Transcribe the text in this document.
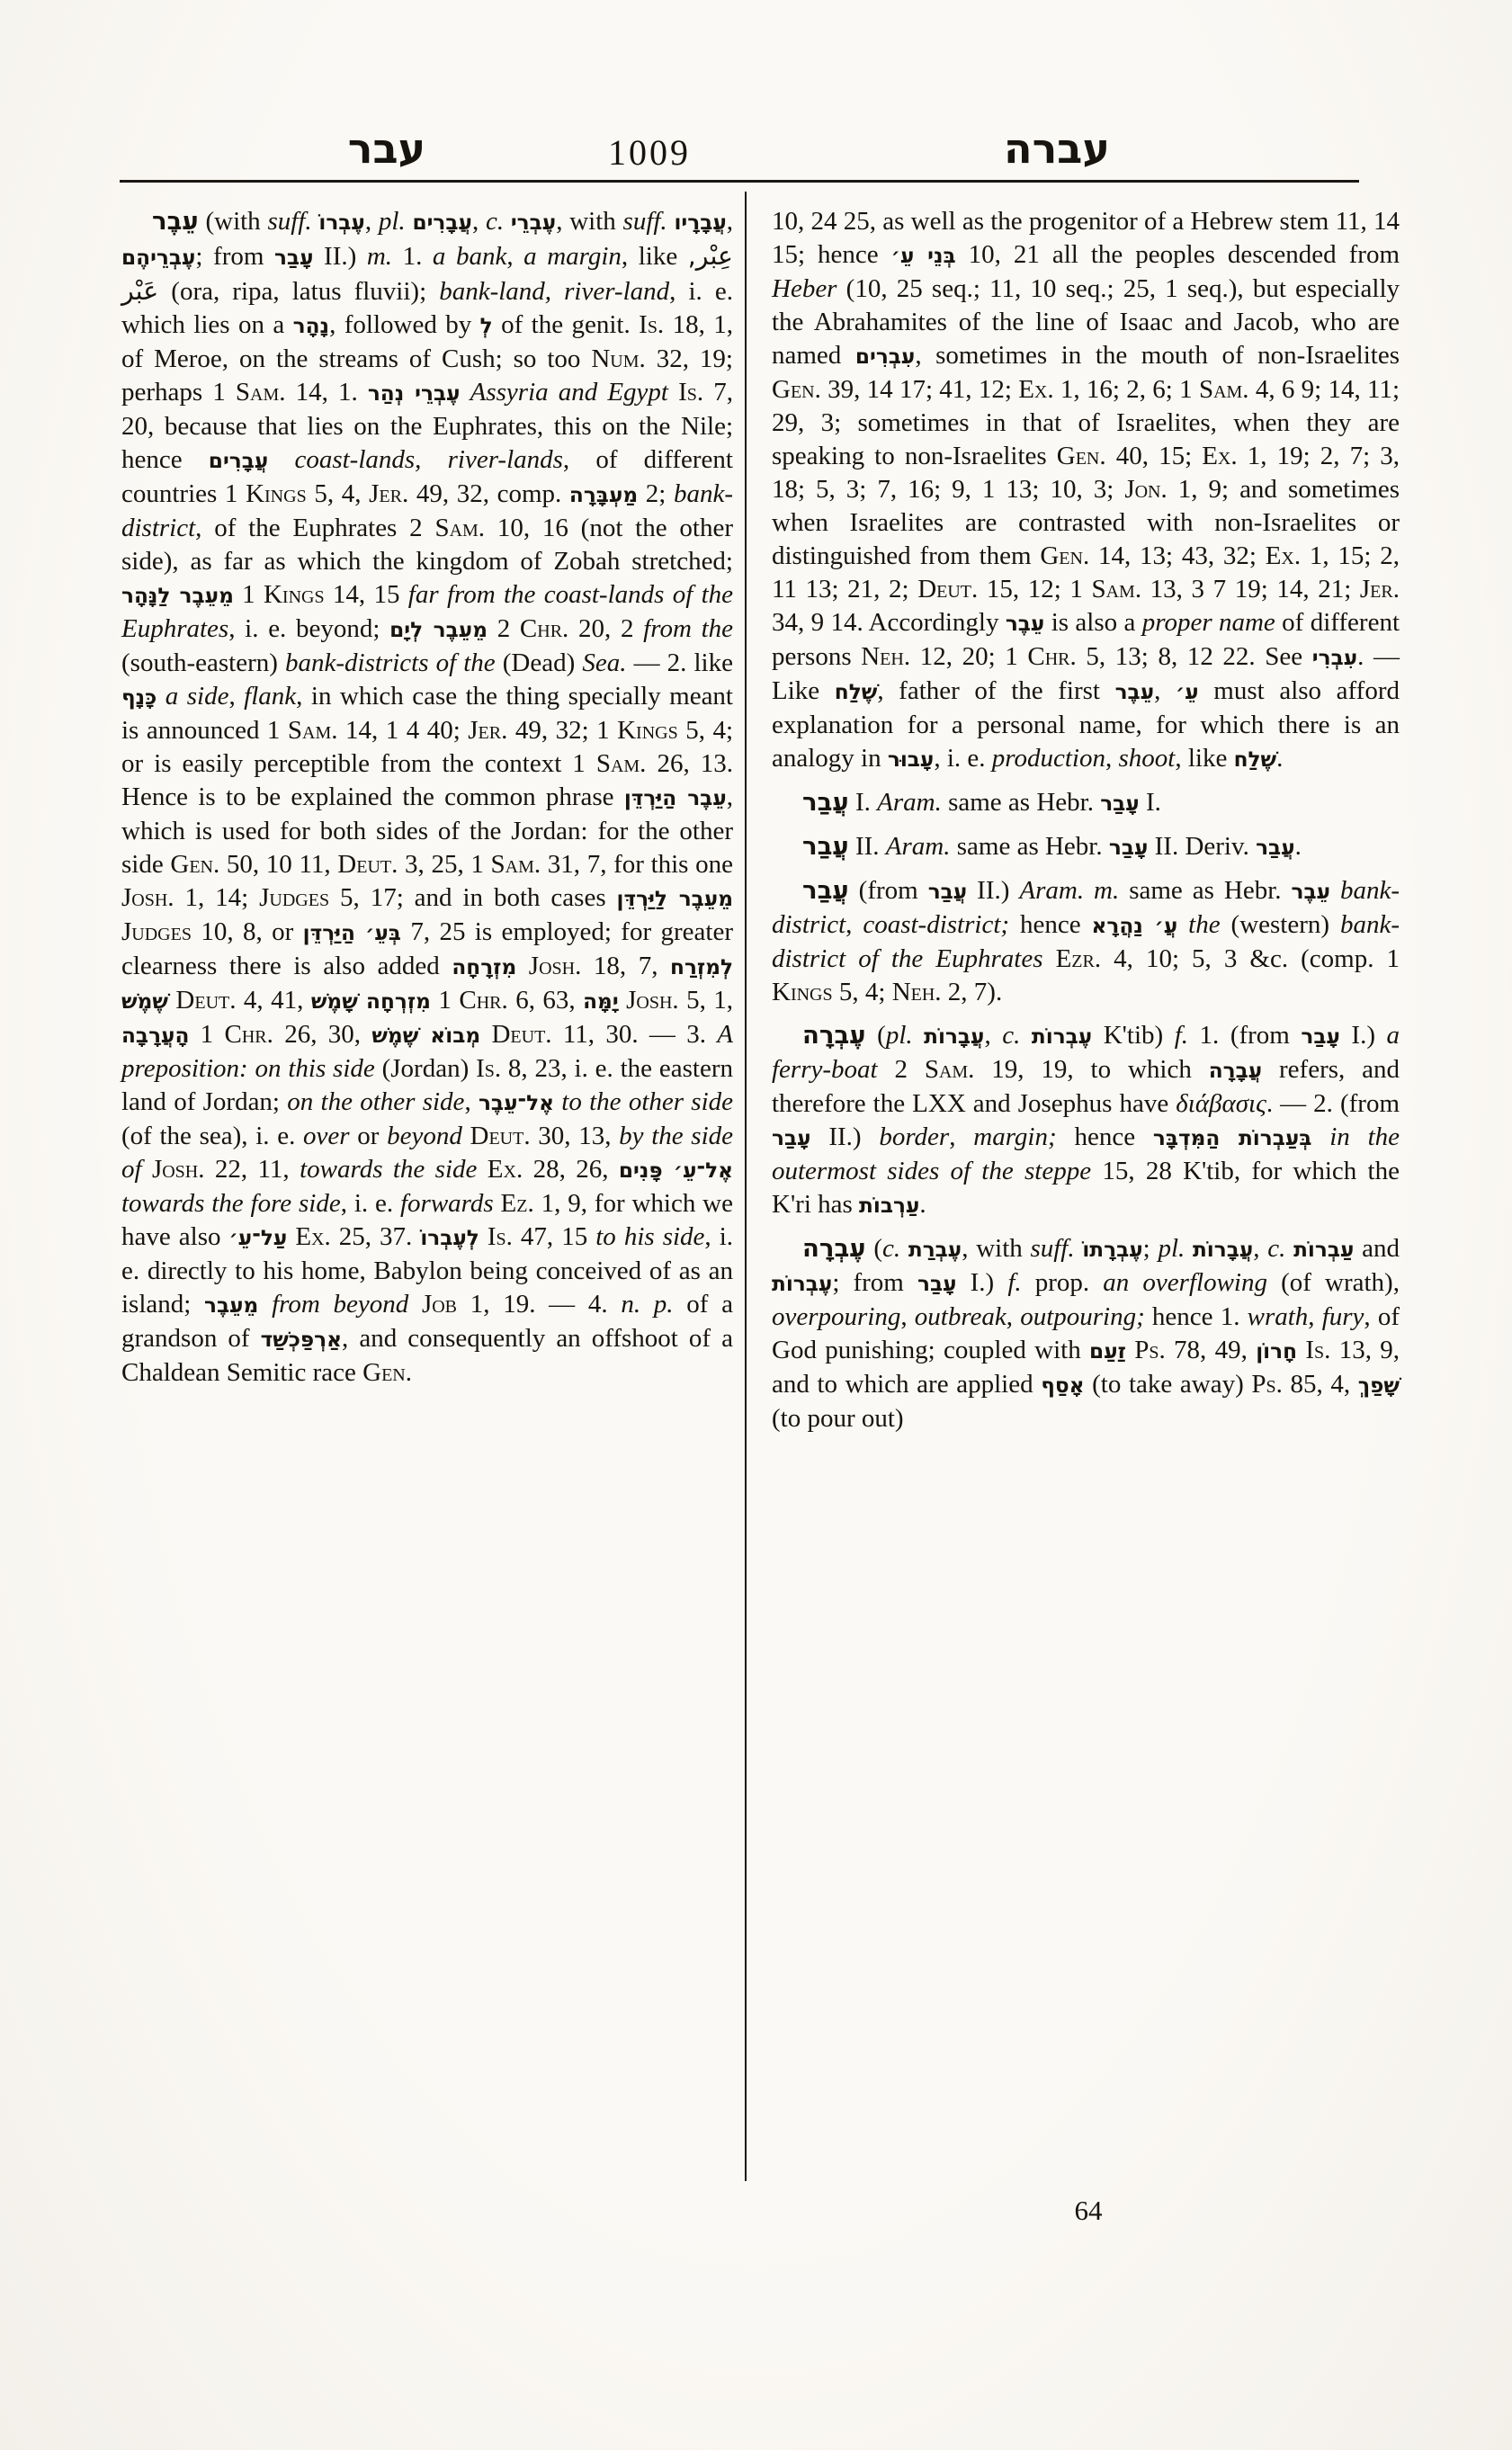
עבר	1009	עברה

עֵבֶר (with suff. עֶבְרוֹ, pl. עֲבָרִים, c. עֶבְרֵי, with suff. עֲבָרָיו, עֶבְרֵיהֶם; from עָבַר II.) m. 1. a bank, a margin, like عِبْر, عَبْر (ora, ripa, latus fluvii); bank-land, river-land, i. e. which lies on a נָהָר, followed by לְ of the genit. Is. 18, 1, of Meroe, on the streams of Cush; so too Num. 32, 19; perhaps 1 Sam. 14, 1. עֶבְרֵי נְהַר Assyria and Egypt Is. 7, 20, because that lies on the Euphrates, this on the Nile; hence עֲבָרִים coast-lands, river-lands, of different countries 1 Kings 5, 4, Jer. 49, 32, comp. מַעְבָּרָה 2; bank-district, of the Euphrates 2 Sam. 10, 16 (not the other side), as far as which the kingdom of Zobah stretched; מֵעֵבֶר לַנָּהָר 1 Kings 14, 15 far from the coast-lands of the Euphrates, i. e. beyond; מֵעֵבֶר לְיָם 2 Chr. 20, 2 from the (south-eastern) bank-districts of the (Dead) Sea. — 2. like כָּנָף a side, flank, in which case the thing specially meant is announced 1 Sam. 14, 1 4 40; Jer. 49, 32; 1 Kings 5, 4; or is easily perceptible from the context 1 Sam. 26, 13. Hence is to be explained the common phrase עֵבֶר הַיַּרְדֵּן, which is used for both sides of the Jordan: for the other side Gen. 50, 10 11, Deut. 3, 25, 1 Sam. 31, 7, for this one Josh. 1, 14; Judges 5, 17; and in both cases מֵעֵבֶר לַיַּרְדֵּן Judges 10, 8, or בְּעֵ׳ הַיַּרְדֵּן 7, 25 is employed; for greater clearness there is also added מִזְרָחָה Josh. 18, 7, לְמִזְרַח שֶׁמֶשׁ Deut. 4, 41, מִזְרְחָה שָׁמֶשׁ 1 Chr. 6, 63, יָמָּה Josh. 5, 1, הָעֲרָבָה 1 Chr. 26, 30, מְבוֹא שֶׁמֶשׁ Deut. 11, 30. — 3. A preposition: on this side (Jordan) Is. 8, 23, i. e. the eastern land of Jordan; on the other side, אֶל־עֵבֶר to the other side (of the sea), i. e. over or beyond Deut. 30, 13, by the side of Josh. 22, 11, towards the side Ex. 28, 26, אֶל־עֵ׳ פָּנִים towards the fore side, i. e. forwards Ez. 1, 9, for which we have also עַל־עֵ׳ Ex. 25, 37. לְעֶבְרוֹ Is. 47, 15 to his side, i. e. directly to his home, Babylon being conceived of as an island; מֵעֵבֶר from beyond Job 1, 19. — 4. n. p. of a grandson of אַרְפַּכְשַׁד, and consequently an offshoot of a Chaldean Semitic race Gen.

10, 24 25, as well as the progenitor of a Hebrew stem 11, 14 15; hence בְּנֵי עֵ׳ 10, 21 all the peoples descended from Heber (10, 25 seq.; 11, 10 seq.; 25, 1 seq.), but especially the Abrahamites of the line of Isaac and Jacob, who are named עִבְרִים, sometimes in the mouth of non-Israelites Gen. 39, 14 17; 41, 12; Ex. 1, 16; 2, 6; 1 Sam. 4, 6 9; 14, 11; 29, 3; sometimes in that of Israelites, when they are speaking to non-Israelites Gen. 40, 15; Ex. 1, 19; 2, 7; 3, 18; 5, 3; 7, 16; 9, 1 13; 10, 3; Jon. 1, 9; and sometimes when Israelites are contrasted with non-Israelites or distinguished from them Gen. 14, 13; 43, 32; Ex. 1, 15; 2, 11 13; 21, 2; Deut. 15, 12; 1 Sam. 13, 3 7 19; 14, 21; Jer. 34, 9 14. Accordingly עֵבֶר is also a proper name of different persons Neh. 12, 20; 1 Chr. 5, 13; 8, 12 22. See עִבְרִי. — Like שֶׁלַח, father of the first עֵבֶר, עֵ׳ must also afford explanation for a personal name, for which there is an analogy in עָבוּר, i. e. production, shoot, like שֶׁלַח.

עֲבַר I. Aram. same as Hebr. עָבַר I.

עֲבַר II. Aram. same as Hebr. עָבַר II. Deriv. עֲבַר.

עֲבַר (from עֲבַר II.) Aram. m. same as Hebr. עֵבֶר bank-district, coast-district; hence עֲ׳ נַהֲרָא the (western) bank-district of the Euphrates Ezr. 4, 10; 5, 3 &c. (comp. 1 Kings 5, 4; Neh. 2, 7).

עֶבְרָה (pl. עֲבָרוֹת, c. עֶבְרוֹת K'tib) f. 1. (from עָבַר I.) a ferry-boat 2 Sam. 19, 19, to which עֲבָרָה refers, and therefore the LXX and Josephus have διάβασις. — 2. (from עָבַר II.) border, margin; hence בְּעַבְרוֹת הַמִּדְבָּר in the outermost sides of the steppe 15, 28 K'tib, for which the K'ri has עַרְבוֹת.

עֶבְרָה (c. עֶבְרַת, with suff. עֶבְרָתוֹ; pl. עֲבָרוֹת, c. עַבְרוֹת and עֶבְרוֹת; from עָבַר I.) f. prop. an overflowing (of wrath), overpouring, outbreak, outpouring; hence 1. wrath, fury, of God punishing; coupled with זַעַם Ps. 78, 49, חָרוֹן Is. 13, 9, and to which are applied אָסַף (to take away) Ps. 85, 4, שָׁפַךְ (to pour out)

64
